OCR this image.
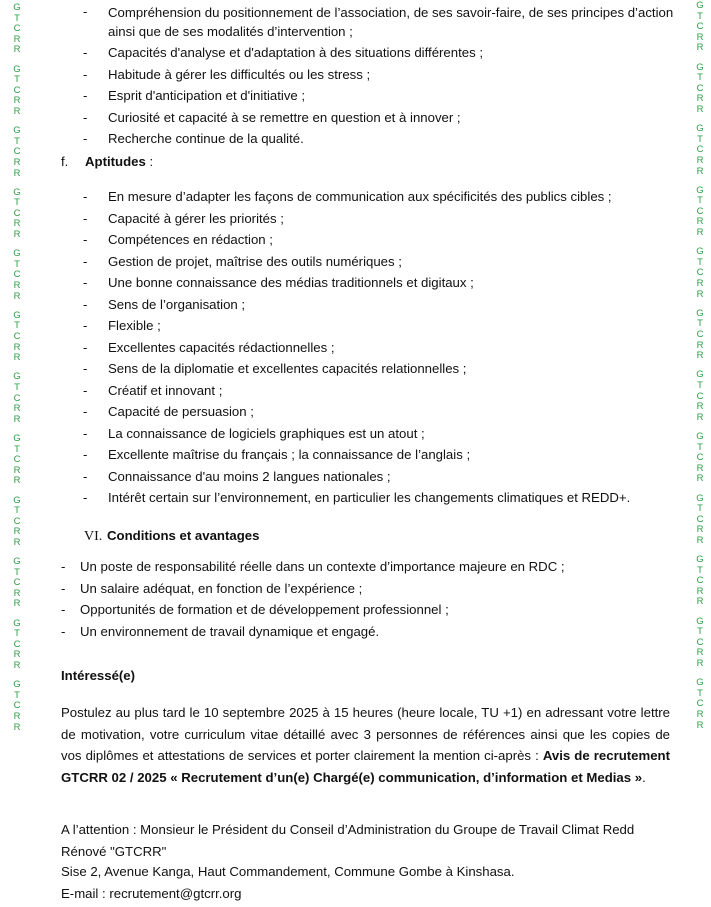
G
T
C
R
R
G
T
C
R
R
G
T
C
R
R
G
T
C
R
R
G
T
C
R
R
G
T
C
R
R
G
T
C
R
R
G
T
C
R
R
G
T
C
R
R
G
T
C
R
R
G
T
C
R
R
G
T
C
R
R
G
T
C
R
R
G
T
C
R
R
G
T
C
R
R
G
T
C
R
R
G
T
C
R
R
G
T
C
R
R
G
T
C
R
R
G
T
C
R
R
G
T
C
R
R
G
T
C
R
R
G
T
C
R
R
G
T
C
R
R
- Compréhension du positionnement de l’association, de ses savoir-faire, de ses principes d’action ainsi que de ses modalités d’intervention ;
- Capacités d'analyse et d'adaptation à des situations différentes ;
- Habitude à gérer les difficultés ou les stress ;
- Esprit d'anticipation et d'initiative ;
- Curiosité et capacité à se remettre en question et à innover ;
- Recherche continue de la qualité.
f. Aptitudes :
- En mesure d’adapter les façons de communication aux spécificités des publics cibles ;
- Capacité à gérer les priorités ;
- Compétences en rédaction ;
- Gestion de projet, maîtrise des outils numériques ;
- Une bonne connaissance des médias traditionnels et digitaux ;
- Sens de l’organisation ;
- Flexible ;
- Excellentes capacités rédactionnelles ;
- Sens de la diplomatie et excellentes capacités relationnelles ;
- Créatif et innovant ;
- Capacité de persuasion ;
- La connaissance de logiciels graphiques est un atout ;
- Excellente maîtrise du français ; la connaissance de l’anglais ;
- Connaissance d'au moins 2 langues nationales ;
- Intérêt certain sur l’environnement, en particulier les changements climatiques et REDD+.
VI. Conditions et avantages
- Un poste de responsabilité réelle dans un contexte d’importance majeure en RDC ;
- Un salaire adéquat, en fonction de l’expérience ;
- Opportunités de formation et de développement professionnel ;
- Un environnement de travail dynamique et engagé.
Intéressé(e)
Postulez au plus tard le 10 septembre 2025 à 15 heures (heure locale, TU +1) en adressant votre lettre de motivation, votre curriculum vitae détaillé avec 3 personnes de références ainsi que les copies de vos diplômes et attestations de services et porter clairement la mention ci-après : Avis de recrutement GTCRR 02 / 2025 « Recrutement d’un(e) Chargé(e) communication, d’information et Medias ».
A l’attention : Monsieur le Président du Conseil d’Administration du Groupe de Travail Climat Redd Rénové "GTCRR"
Sise 2, Avenue Kanga, Haut Commandement, Commune Gombe à Kinshasa.
E-mail : recrutement@gtcrr.org
